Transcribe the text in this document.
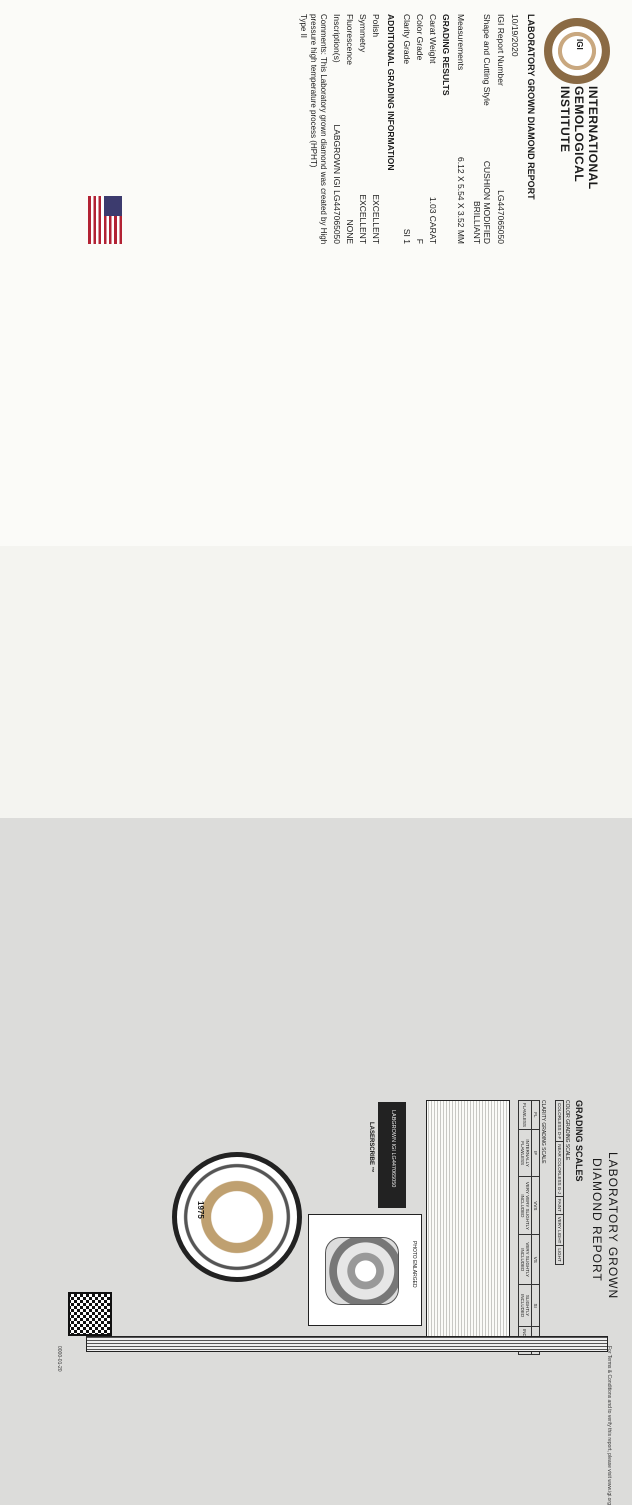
IGI
INTERNATIONAL
GEMOLOGICAL
INSTITUTE
LABORATORY GROWN DIAMOND REPORT
10/19/2020
IGI Report Number
LG447065050
Shape and Cutting Style
CUSHION MODIFIED BRILLIANT
Measurements
6.12 X 5.54 X 3.52 MM
GRADING RESULTS
Carat Weight
1.03 CARAT
Color Grade
F
Clarity Grade
SI 1
ADDITIONAL GRADING INFORMATION
Polish
EXCELLENT
Symmetry
EXCELLENT
Fluorescence
NONE
Inscription(s)
LABGROWN IGI LG447065050
Comments: This Laboratory grown diamond was created by High pressure high temperature process (HPHT)
Type II
LABORATORY GROWN
DIAMOND REPORT
GRADING SCALES
COLOR GRADING SCALE
COLORLESS D-F	NEAR COLORLESS G-J	FAINT	VERY LIGHT	LIGHT
CLARITY GRADING SCALE
FL	IF	VVS	VS	SI	
FLAWLESS	INTERNALLY FLAWLESS	VERY VERY SLIGHTLY INCLUDED	VERY SLIGHTLY INCLUDED	SLIGHTLY INCLUDED	
PHOTO ENLARGED
LABGROWN IGI LG447065050
LASERSCRIBE ™
1975
For Terms & Conditions and to verify this report, please visit www.igi.org
0000-01-20
